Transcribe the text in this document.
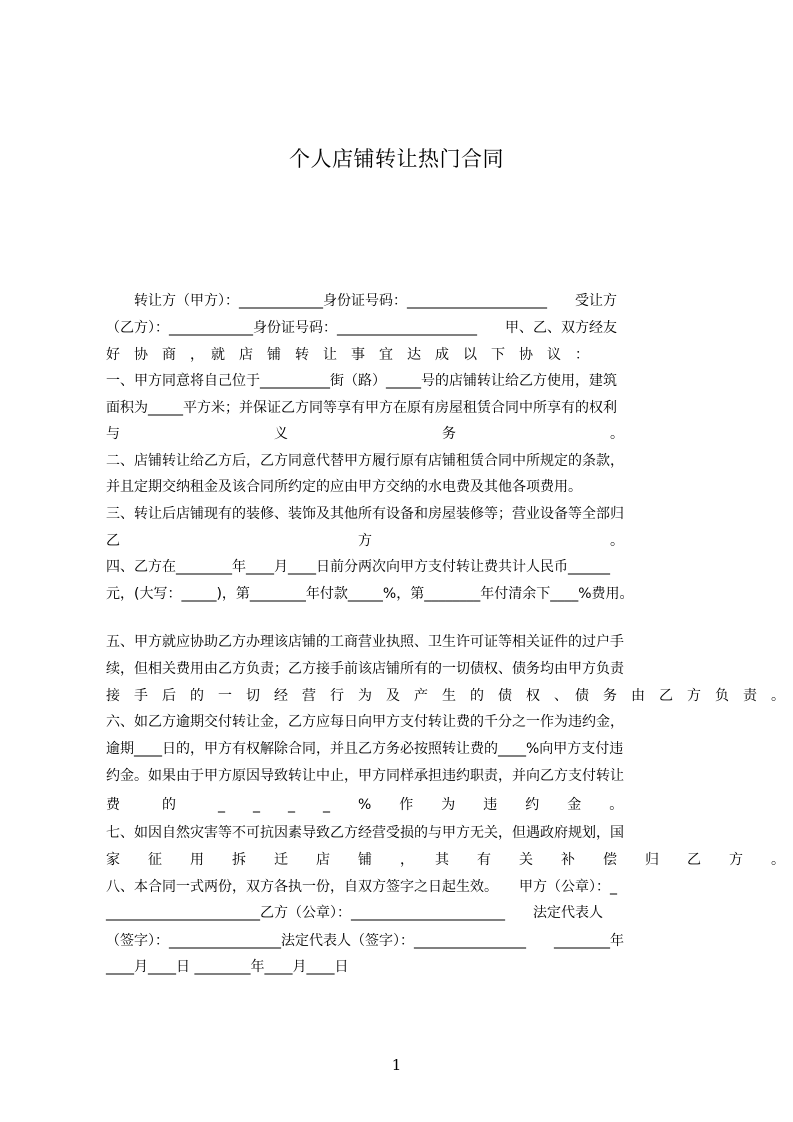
个人店铺转让热门合同
　　转让方（甲方）：____________身份证号码：____________________　　受让方
（乙方）：____________身份证号码：____________________　　甲、乙、双方经友
好　协　商　，　就　店　铺　转　让　事　宜　达　成　以　下　协　议　：
一、甲方同意将自己位于__________街（路）_____号的店铺转让给乙方使用，建筑
面积为_____平方米；并保证乙方同等享有甲方在原有房屋租赁合同中所享有的权利
与　　　　　　　　　　　义　　　　　　　　　　　务　　　　　　　　　　　。
二、店铺转让给乙方后，乙方同意代替甲方履行原有店铺租赁合同中所规定的条款，
并且定期交纳租金及该合同所约定的应由甲方交纳的水电费及其他各项费用。
三、转让后店铺现有的装修、装饰及其他所有设备和房屋装修等；营业设备等全部归
乙　　　　　　　　　　　　　　　　　方　　　　　　　　　　　　　　　　　。
四、乙方在________年____月____日前分两次向甲方支付转让费共计人民币______
元，(大写：_____)，第________年付款_____%，第________年付清余下____%费用。
五、甲方就应协助乙方办理该店铺的工商营业执照、卫生许可证等相关证件的过户手
续，但相关费用由乙方负责；乙方接手前该店铺所有的一切债权、债务均由甲方负责
接　手　后　的　一　切　经　营　行　为　及　产　生　的　债　权　、　债　务　由　乙　方　负　责　。
六、如乙方逾期交付转让金，乙方应每日向甲方支付转让费的千分之一作为违约金，
逾期____日的，甲方有权解除合同，并且乙方务必按照转让费的____%向甲方支付违
约金。如果由于甲方原因导致转让中止，甲方同样承担违约职责，并向乙方支付转让
费　　　的　　　_　　_　　_　　_　　%　　作　　为　　违　　约　　金　　。
七、如因自然灾害等不可抗因素导致乙方经营受损的与甲方无关，但遇政府规划，国
家　　征　　用　　拆　　迁　　店　　铺　　，　　其　　有　　关　　补　　偿　　归　　乙　　方　　。
八、本合同一式两份，双方各执一份，自双方签字之日起生效。　　甲方（公章）：_
______________________乙方（公章）：______________________　　法定代表人
（签字）：________________法定代表人（签字）：________________　　________年
____月____日 ________年____月____日
1
